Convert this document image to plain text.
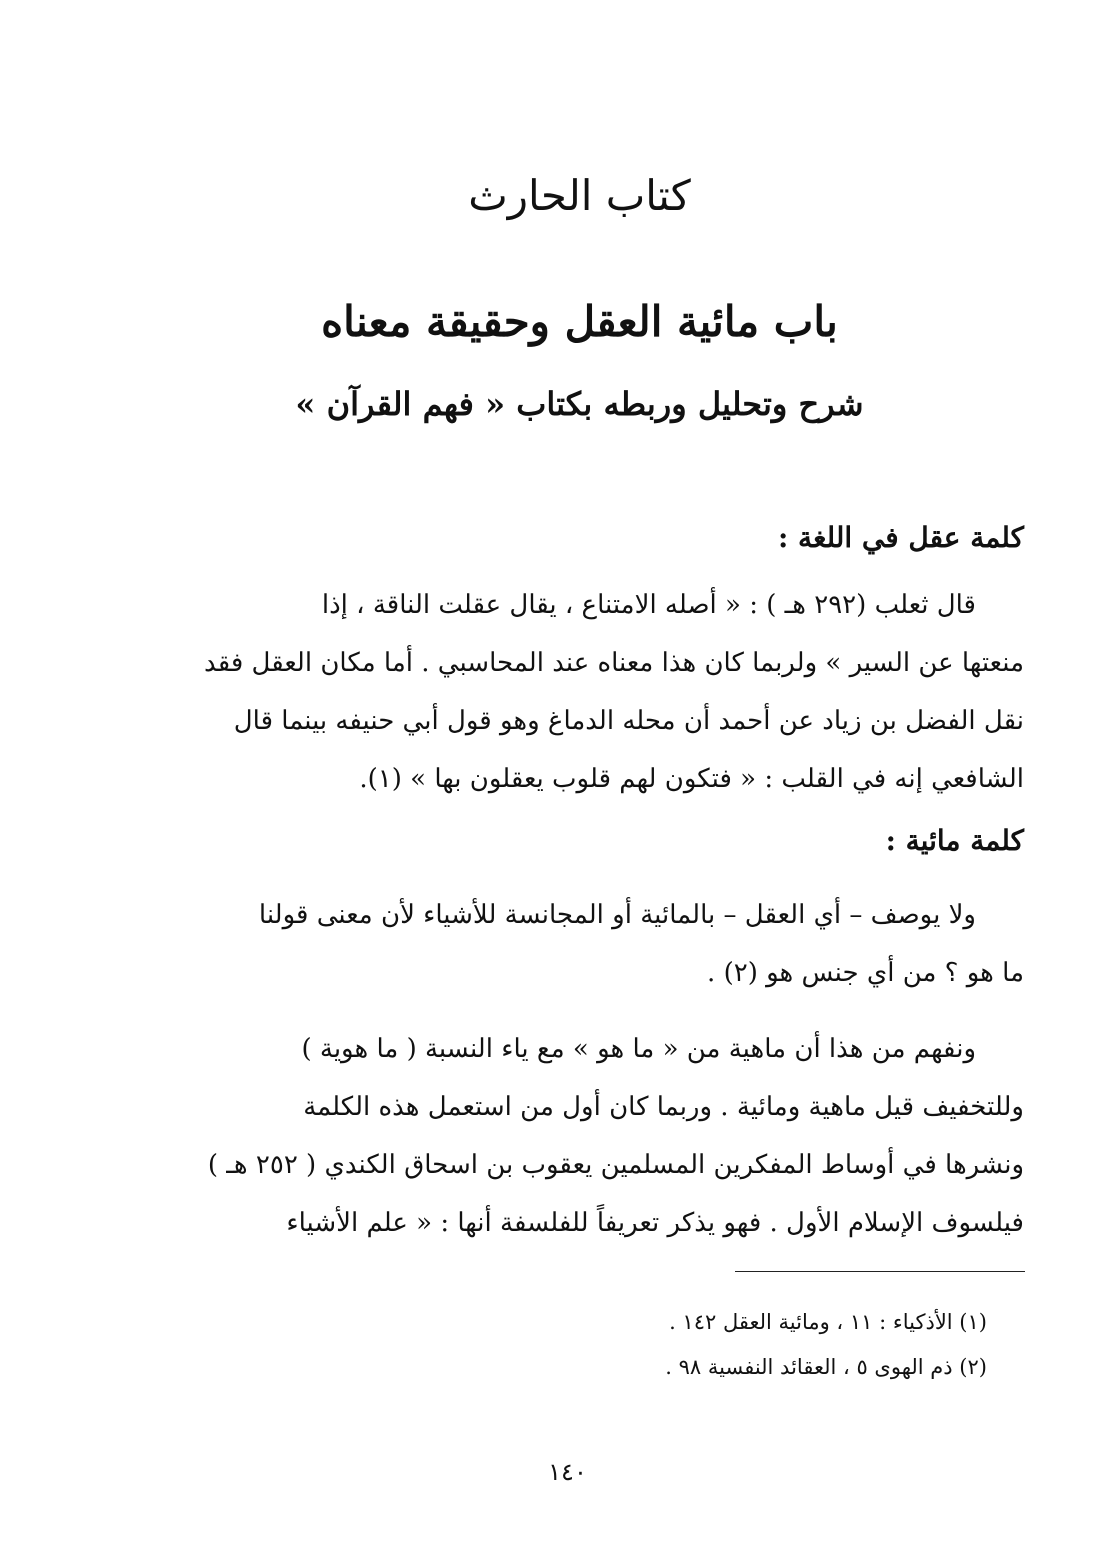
كتاب الحارث
باب مائية العقل وحقيقة معناه
شرح وتحليل وربطه بكتاب « فهم القرآن »
كلمة عقل في اللغة :
قال ثعلب (٢٩٢ هـ ) : « أصله الامتناع ، يقال عقلت الناقة ، إذا
منعتها عن السير » ولربما كان هذا معناه عند المحاسبي . أما مكان العقل فقد
نقل الفضل بن زياد عن أحمد أن محله الدماغ وهو قول أبي حنيفه بينما قال
الشافعي إنه في القلب : « فتكون لهم قلوب يعقلون بها » (١).
كلمة مائية :
ولا يوصف – أي العقل – بالمائية أو المجانسة للأشياء لأن معنى قولنا
ما هو ؟ من أي جنس هو (٢) .
ونفهم من هذا أن ماهية من « ما هو » مع ياء النسبة ( ما هوية )
وللتخفيف قيل ماهية ومائية . وربما كان أول من استعمل هذه الكلمة
ونشرها في أوساط المفكرين المسلمين يعقوب بن اسحاق الكندي ( ٢٥٢ هـ )
فيلسوف الإسلام الأول . فهو يذكر تعريفاً للفلسفة أنها : « علم الأشياء
(١) الأذكياء : ١١ ، ومائية العقل ١٤٢ .
(٢) ذم الهوى ٥ ، العقائد النفسية ٩٨ .
١٤٠
